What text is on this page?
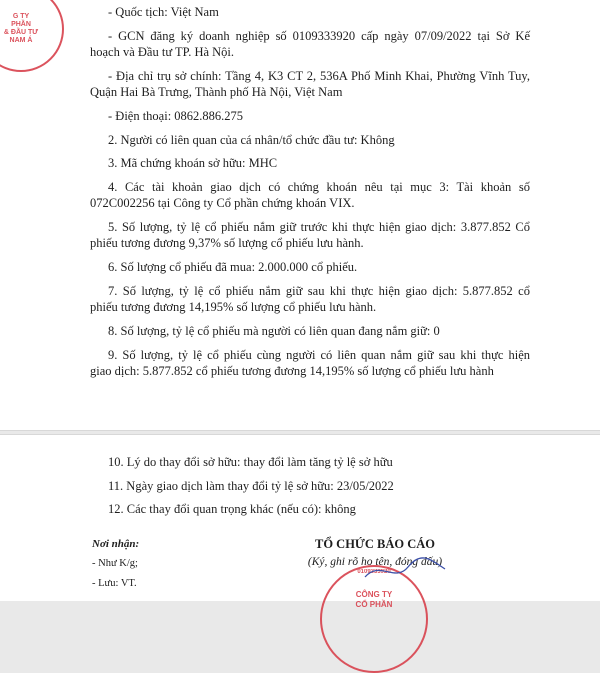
G TY
PHẦN
& ĐẦU TƯ
NAM Á
- Quốc tịch: Việt Nam
- GCN đăng ký doanh nghiệp số 0109333920 cấp ngày 07/09/2022 tại Sở Kế
hoạch và Đầu tư TP. Hà Nội.
- Địa chỉ trụ sở chính: Tầng 4, K3 CT 2, 536A Phố Minh Khai, Phường Vĩnh Tuy,
Quận Hai Bà Trưng, Thành phố Hà Nội, Việt Nam
- Điện thoại: 0862.886.275
2. Người có liên quan của cá nhân/tổ chức đầu tư: Không
3. Mã chứng khoán sở hữu: MHC
4. Các tài khoản giao dịch có chứng khoán nêu tại mục 3: Tài khoản số
072C002256 tại Công ty Cổ phần chứng khoán VIX.
5. Số lượng, tỷ lệ cổ phiếu nắm giữ trước khi thực hiện giao dịch: 3.877.852 Cổ
phiếu tương đương 9,37% số lượng cổ phiếu lưu hành.
6. Số lượng cổ phiếu đã mua: 2.000.000 cổ phiếu.
7. Số lượng, tỷ lệ cổ phiếu nắm giữ sau khi thực hiện giao dịch: 5.877.852 cổ
phiếu tương đương 14,195% số lượng cổ phiếu lưu hành.
8. Số lượng, tỷ lệ cổ phiếu mà người có liên quan đang nắm giữ: 0
9. Số lượng, tỷ lệ cổ phiếu cùng người có liên quan nắm giữ sau khi thực hiện
giao dịch: 5.877.852 cổ phiếu tương đương 14,195% số lượng cổ phiếu lưu hành
10. Lý do thay đổi sở hữu: thay đổi làm tăng tỷ lệ sở hữu
11. Ngày giao dịch làm thay đổi tỷ lệ sở hữu: 23/05/2022
12. Các thay đổi quan trọng khác (nếu có): không
Nơi nhận:
- Như K/g;
- Lưu: VT.
TỔ CHỨC BÁO CÁO
(Ký, ghi rõ họ tên, đóng dấu)
0109333920
CÔNG TY
CỔ PHẦN
